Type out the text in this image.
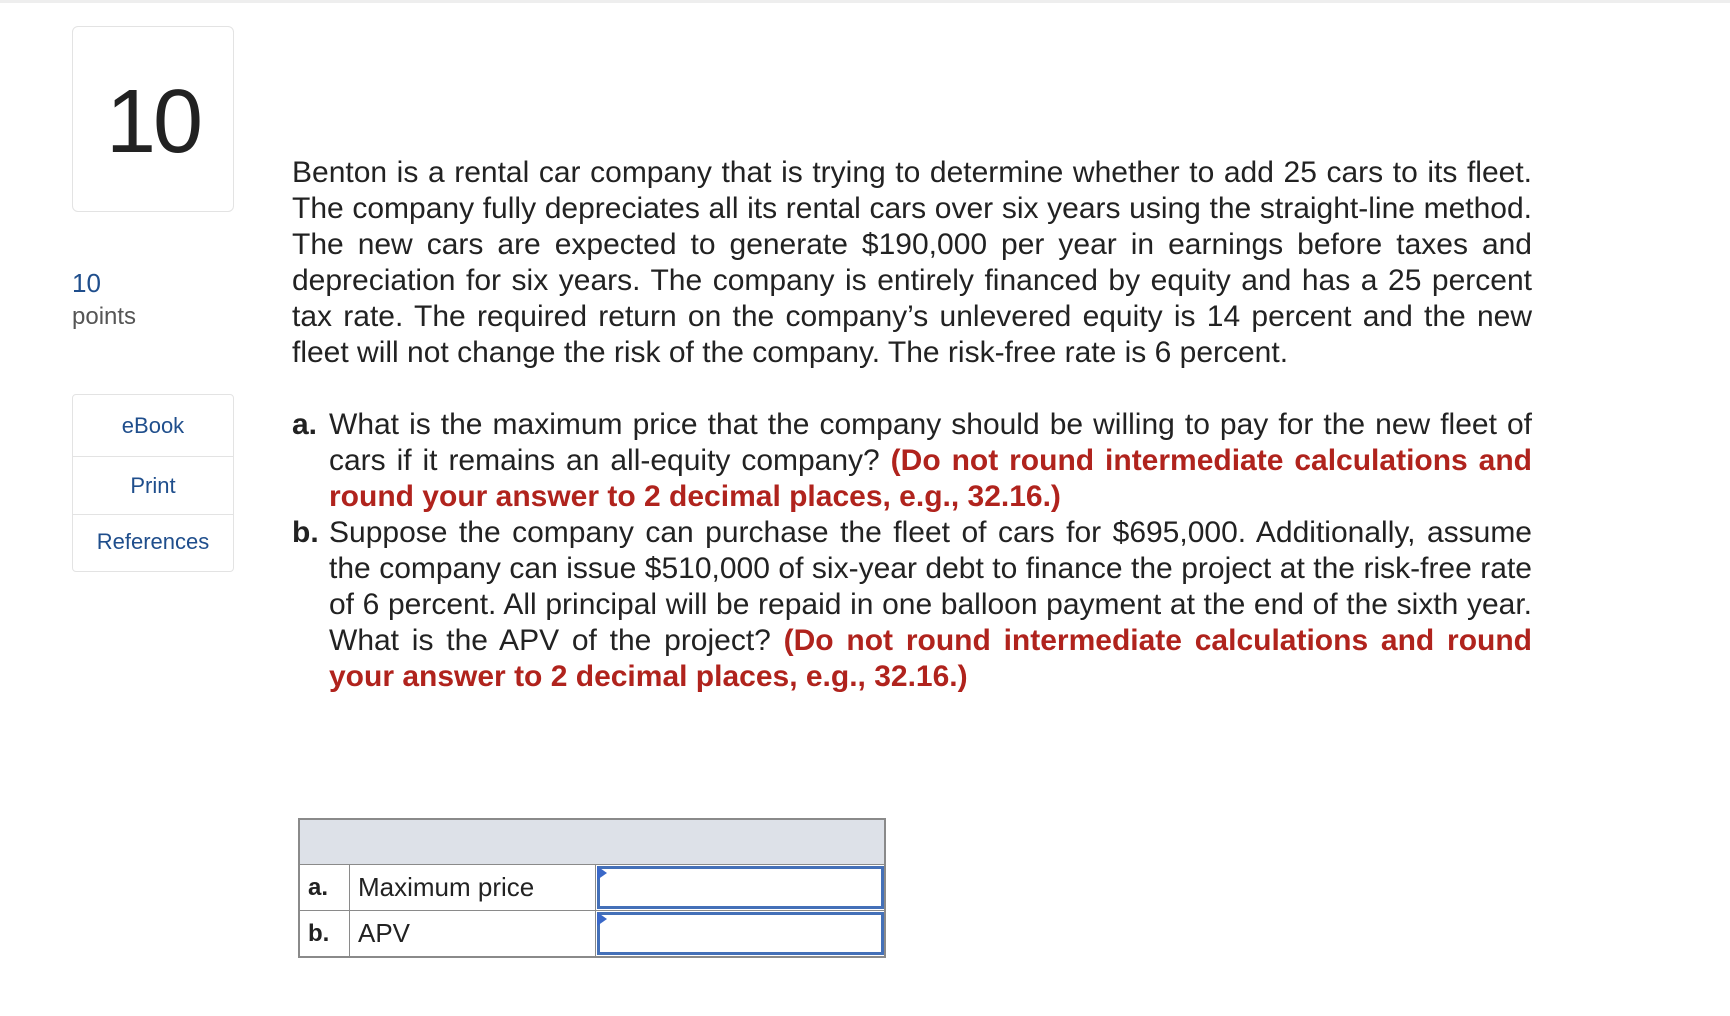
10
10
points
eBook
Print
References

Benton is a rental car company that is trying to determine whether to add 25 cars to its fleet. The company fully depreciates all its rental cars over six years using the straight-line method. The new cars are expected to generate $190,000 per year in earnings before taxes and depreciation for six years. The company is entirely financed by equity and has a 25 percent tax rate. The required return on the company’s unlevered equity is 14 percent and the new fleet will not change the risk of the company. The risk-free rate is 6 percent.

a. What is the maximum price that the company should be willing to pay for the new fleet of cars if it remains an all-equity company? (Do not round intermediate calculations and round your answer to 2 decimal places, e.g., 32.16.)
b. Suppose the company can purchase the fleet of cars for $695,000. Additionally, assume the company can issue $510,000 of six-year debt to finance the project at the risk-free rate of 6 percent. All principal will be repaid in one balloon payment at the end of the sixth year. What is the APV of the project? (Do not round intermediate calculations and round your answer to 2 decimal places, e.g., 32.16.)
a.	Maximum price
b.	APV
